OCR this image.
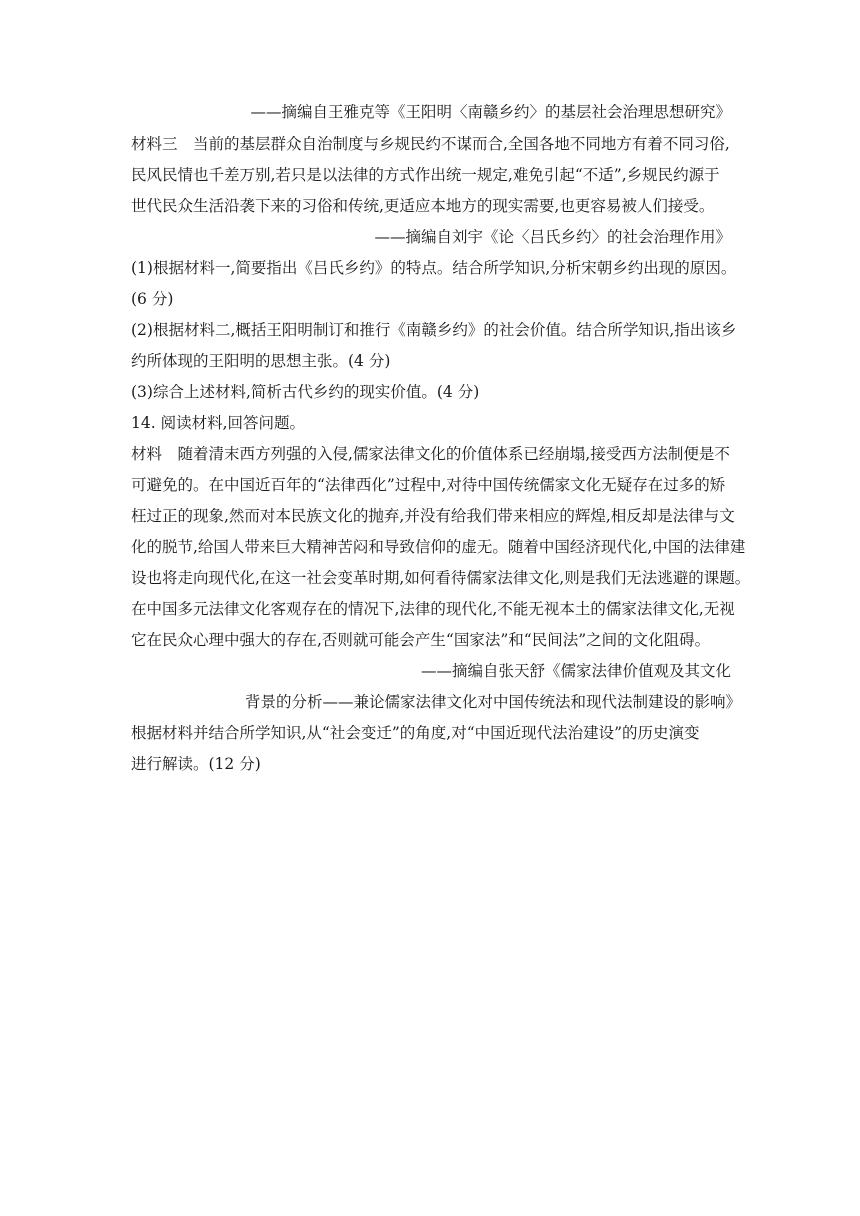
——摘编自王雅克等《王阳明〈南赣乡约〉的基层社会治理思想研究》
材料三　当前的基层群众自治制度与乡规民约不谋而合,全国各地不同地方有着不同习俗,
民风民情也千差万别,若只是以法律的方式作出统一规定,难免引起“不适”,乡规民约源于
世代民众生活沿袭下来的习俗和传统,更适应本地方的现实需要,也更容易被人们接受。
——摘编自刘宇《论〈吕氏乡约〉的社会治理作用》
(1)根据材料一,简要指出《吕氏乡约》的特点。结合所学知识,分析宋朝乡约出现的原因。
(6 分)
(2)根据材料二,概括王阳明制订和推行《南赣乡约》的社会价值。结合所学知识,指出该乡
约所体现的王阳明的思想主张。(4 分)
(3)综合上述材料,简析古代乡约的现实价值。(4 分)
14. 阅读材料,回答问题。
材料　随着清末西方列强的入侵,儒家法律文化的价值体系已经崩塌,接受西方法制便是不
可避免的。在中国近百年的“法律西化”过程中,对待中国传统儒家文化无疑存在过多的矫
枉过正的现象,然而对本民族文化的抛弃,并没有给我们带来相应的辉煌,相反却是法律与文
化的脱节,给国人带来巨大精神苦闷和导致信仰的虚无。随着中国经济现代化,中国的法律建
设也将走向现代化,在这一社会变革时期,如何看待儒家法律文化,则是我们无法逃避的课题。
在中国多元法律文化客观存在的情况下,法律的现代化,不能无视本土的儒家法律文化,无视
它在民众心理中强大的存在,否则就可能会产生“国家法”和“民间法”之间的文化阻碍。
——摘编自张天舒《儒家法律价值观及其文化
背景的分析——兼论儒家法律文化对中国传统法和现代法制建设的影响》
根据材料并结合所学知识,从“社会变迁”的角度,对“中国近现代法治建设”的历史演变
进行解读。(12 分)
